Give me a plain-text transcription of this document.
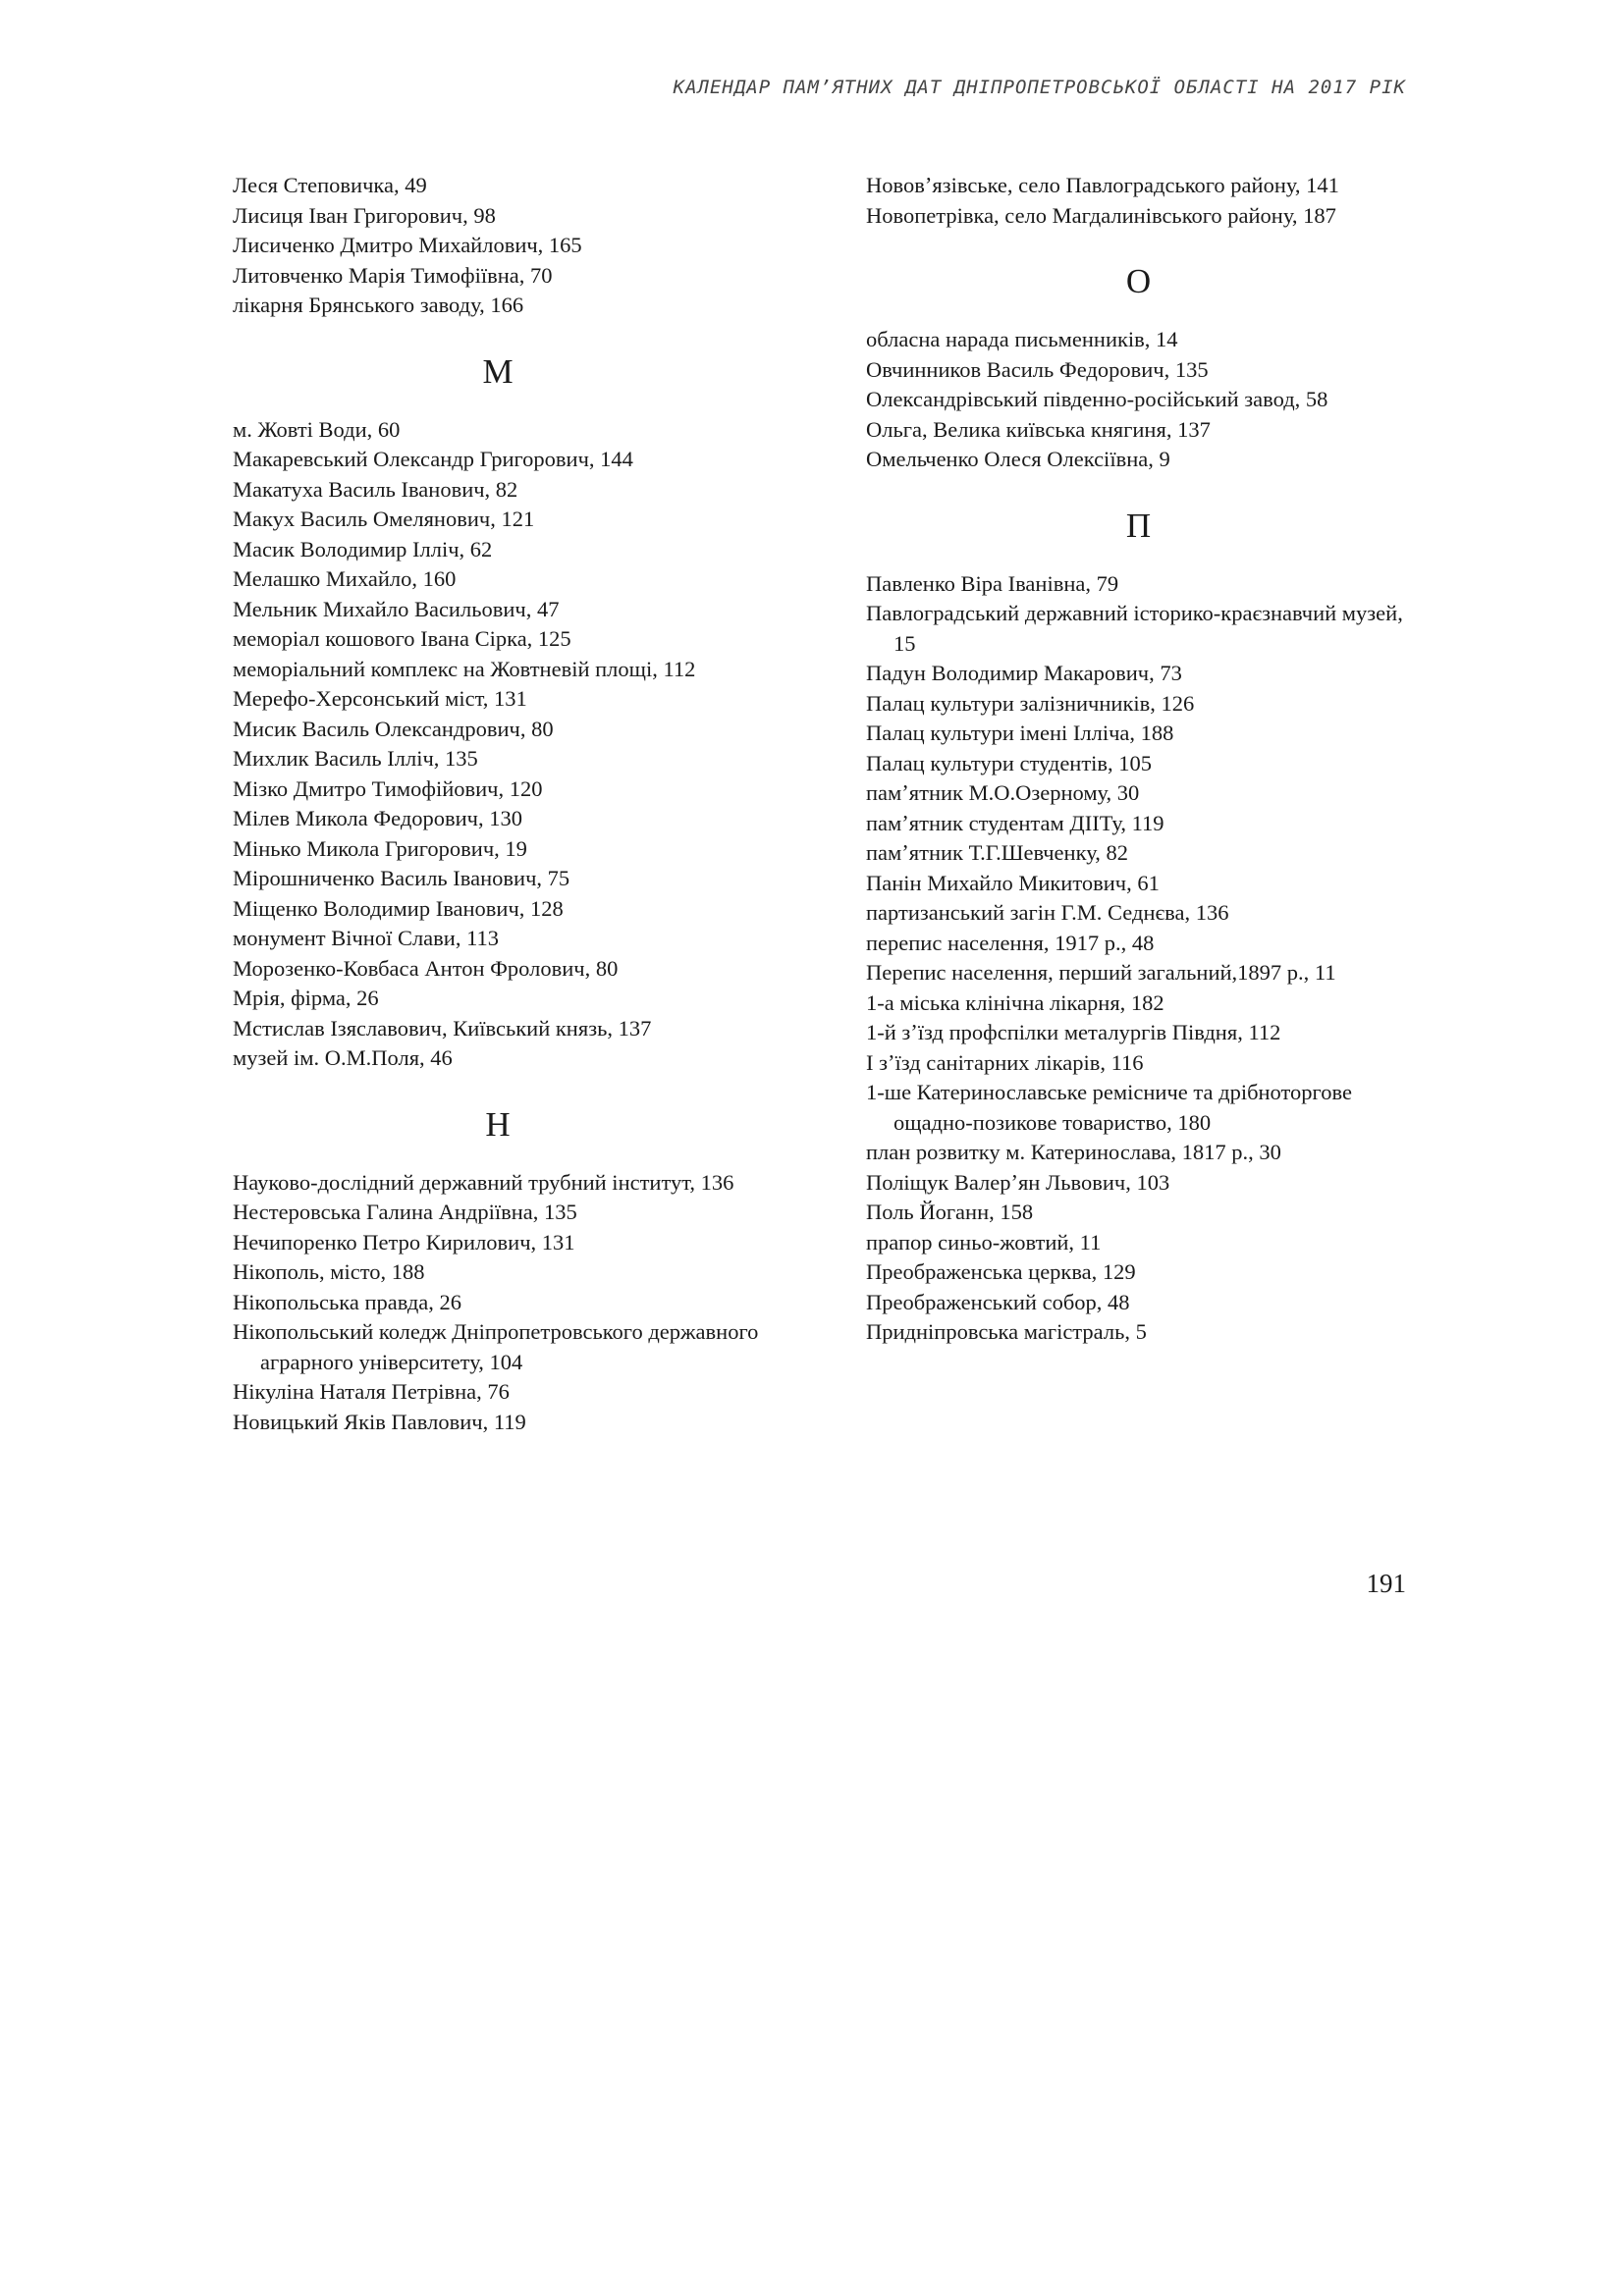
КАЛЕНДАР ПАМ’ЯТНИХ ДАТ ДНІПРОПЕТРОВСЬКОЇ ОБЛАСТІ НА 2017 РІК

Леся Степовичка, 49

Лисиця Іван Григорович, 98

Лисиченко Дмитро Михайлович, 165

Литовченко Марія Тимофіївна, 70

лікарня Брянського заводу, 166

М

м. Жовті Води, 60

Макаревський Олександр Григорович, 144

Макатуха Василь Іванович, 82

Макух Василь Омелянович, 121

Масик Володимир Ілліч, 62

Мелашко Михайло, 160

Мельник Михайло Васильович, 47

меморіал кошового Івана Сірка, 125

меморіальний комплекс на Жовтневій площі, 112

Мерефо-Херсонський міст, 131

Мисик Василь Олександрович, 80

Михлик Василь Ілліч, 135

Мізко Дмитро Тимофійович, 120

Мілев Микола Федорович, 130

Мінько Микола Григорович, 19

Мірошниченко Василь Іванович, 75

Міщенко Володимир Іванович, 128

монумент Вічної Слави, 113

Морозенко-Ковбаса Антон Фролович, 80

Мрія, фірма, 26

Мстислав Ізяславович, Київський князь, 137

музей ім. О.М.Поля, 46

Н

Науково-дослідний державний трубний інститут, 136

Нестеровська Галина Андріївна, 135

Нечипоренко Петро Кирилович, 131

Нікополь, місто, 188

Нікопольська правда, 26

Нікопольський коледж Дніпропетровського державного аграрного університету, 104

Нікуліна Наталя Петрівна, 76

Новицький Яків Павлович, 119

Нововʼязівське, село Павлоградського району, 141

Новопетрівка, село Магдалинівського району, 187

О

обласна нарада письменників, 14

Овчинников Василь Федорович, 135

Олександрівський південно-російський завод, 58

Ольга, Велика київська княгиня, 137

Омельченко Олеся Олексіївна, 9

П

Павленко Віра Іванівна, 79

Павлоградський державний історико-краєзнавчий музей, 15

Падун Володимир Макарович, 73

Палац культури залізничників, 126

Палац культури імені Ілліча, 188

Палац культури студентів, 105

памʼятник М.О.Озерному, 30

памʼятник студентам ДІІТу, 119

памʼятник Т.Г.Шевченку, 82

Панін Михайло Микитович, 61

партизанський загін Г.М. Седнєва, 136

перепис населення, 1917 р., 48

Перепис населення, перший загальний,1897 р., 11

1-а міська клінічна лікарня, 182

1-й зʼїзд профспілки металургів Півдня, 112

І зʼїзд санітарних лікарів, 116

1-ше Катеринославське ремісниче та дрібноторгове ощадно-позикове товариство, 180

план розвитку м. Катеринослава, 1817 р., 30

Поліщук Валерʼян Львович, 103

Поль Йоганн, 158

прапор синьо-жовтий, 11

Преображенська церква, 129

Преображенський собор, 48

Придніпровська магістраль, 5

191
